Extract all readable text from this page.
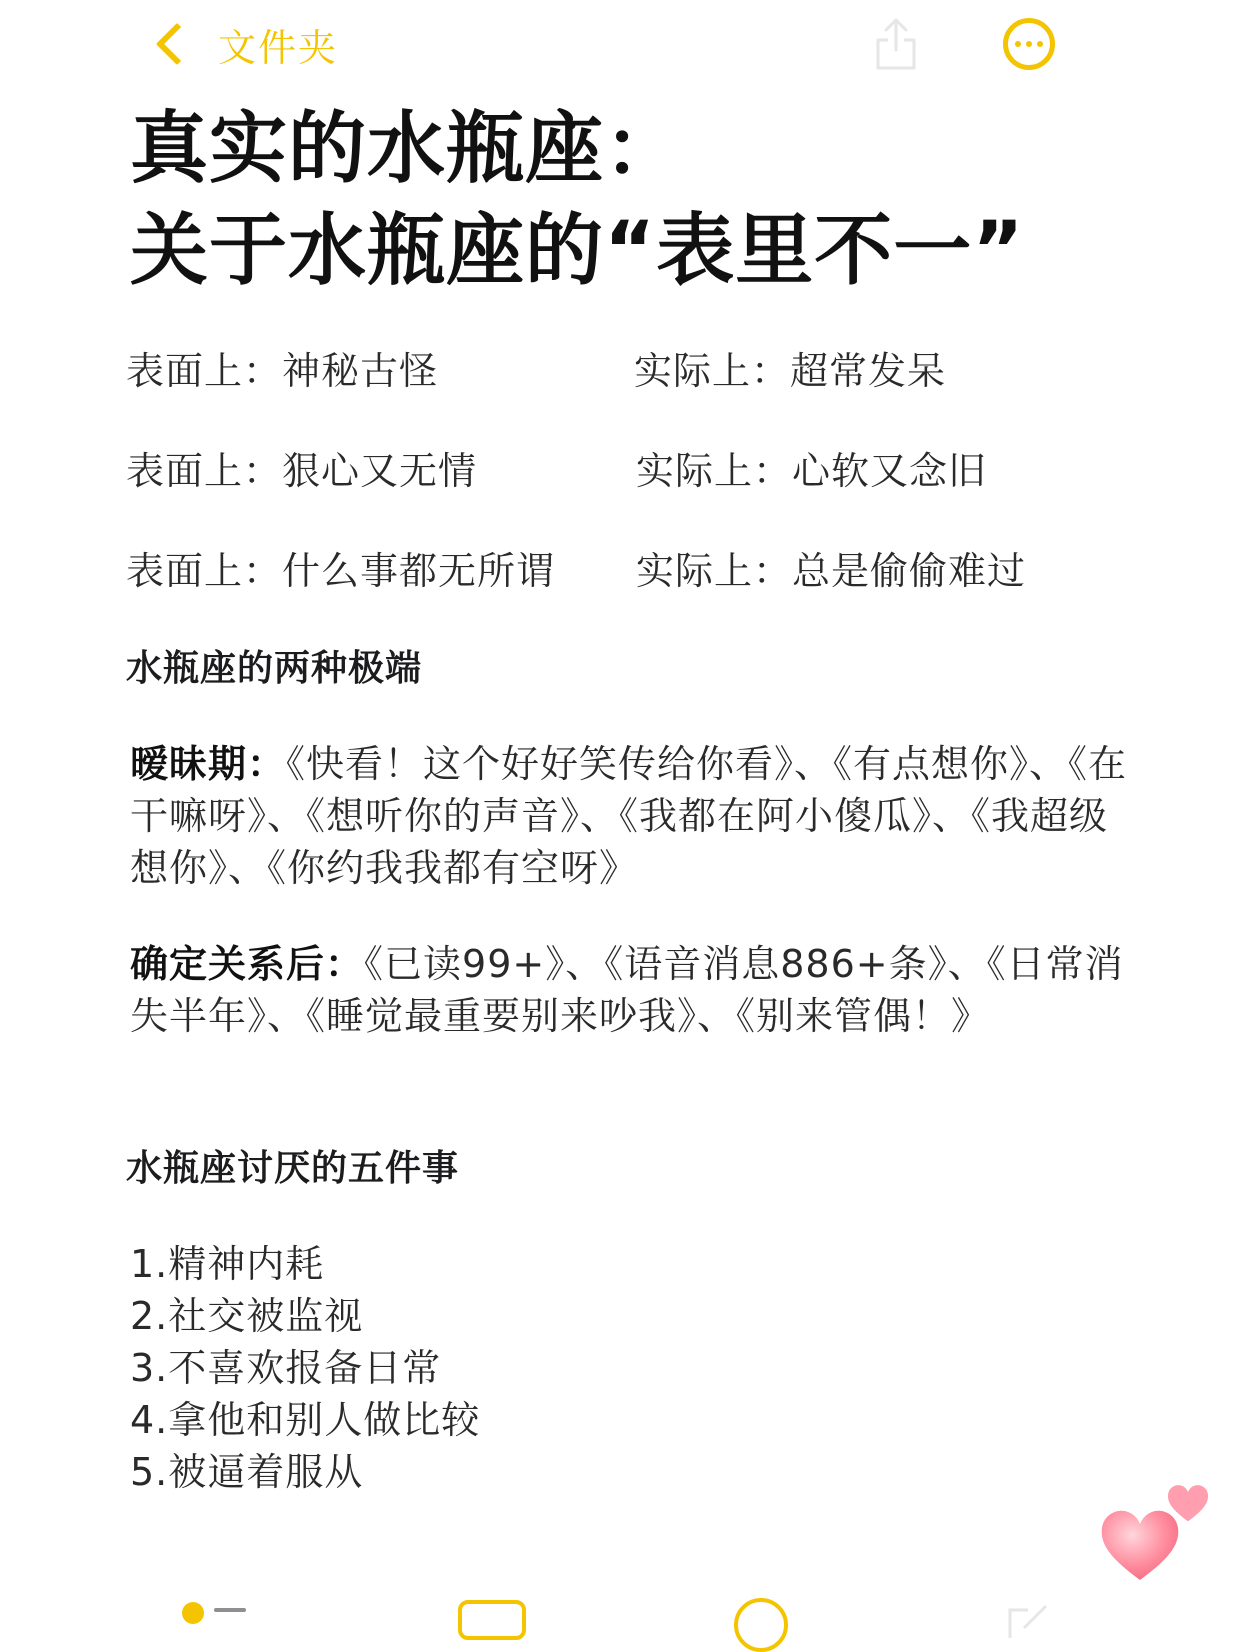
文件夹
真实的水瓶座：
关于水瓶座的“表里不一”
表面上：神秘古怪	实际上：超常发呆
表面上：狠心又无情	实际上：心软又念旧
表面上：什么事都无所谓 实际上：总是偷偷难过
水瓶座的两种极端
暧昧期：《快看！这个好好笑传给你看》、《有点想你》、《在干嘛呀》、《想听你的声音》、《我都在阿小傻瓜》、《我超级想你》、《你约我我都有空呀》
确定关系后：《已读99+》、《语音消息886+条》、《日常消失半年》、《睡觉最重要别来吵我》、《别来管偶！》
水瓶座讨厌的五件事
1.精神内耗
2.社交被监视
3.不喜欢报备日常
4.拿他和别人做比较
5.被逼着服从
